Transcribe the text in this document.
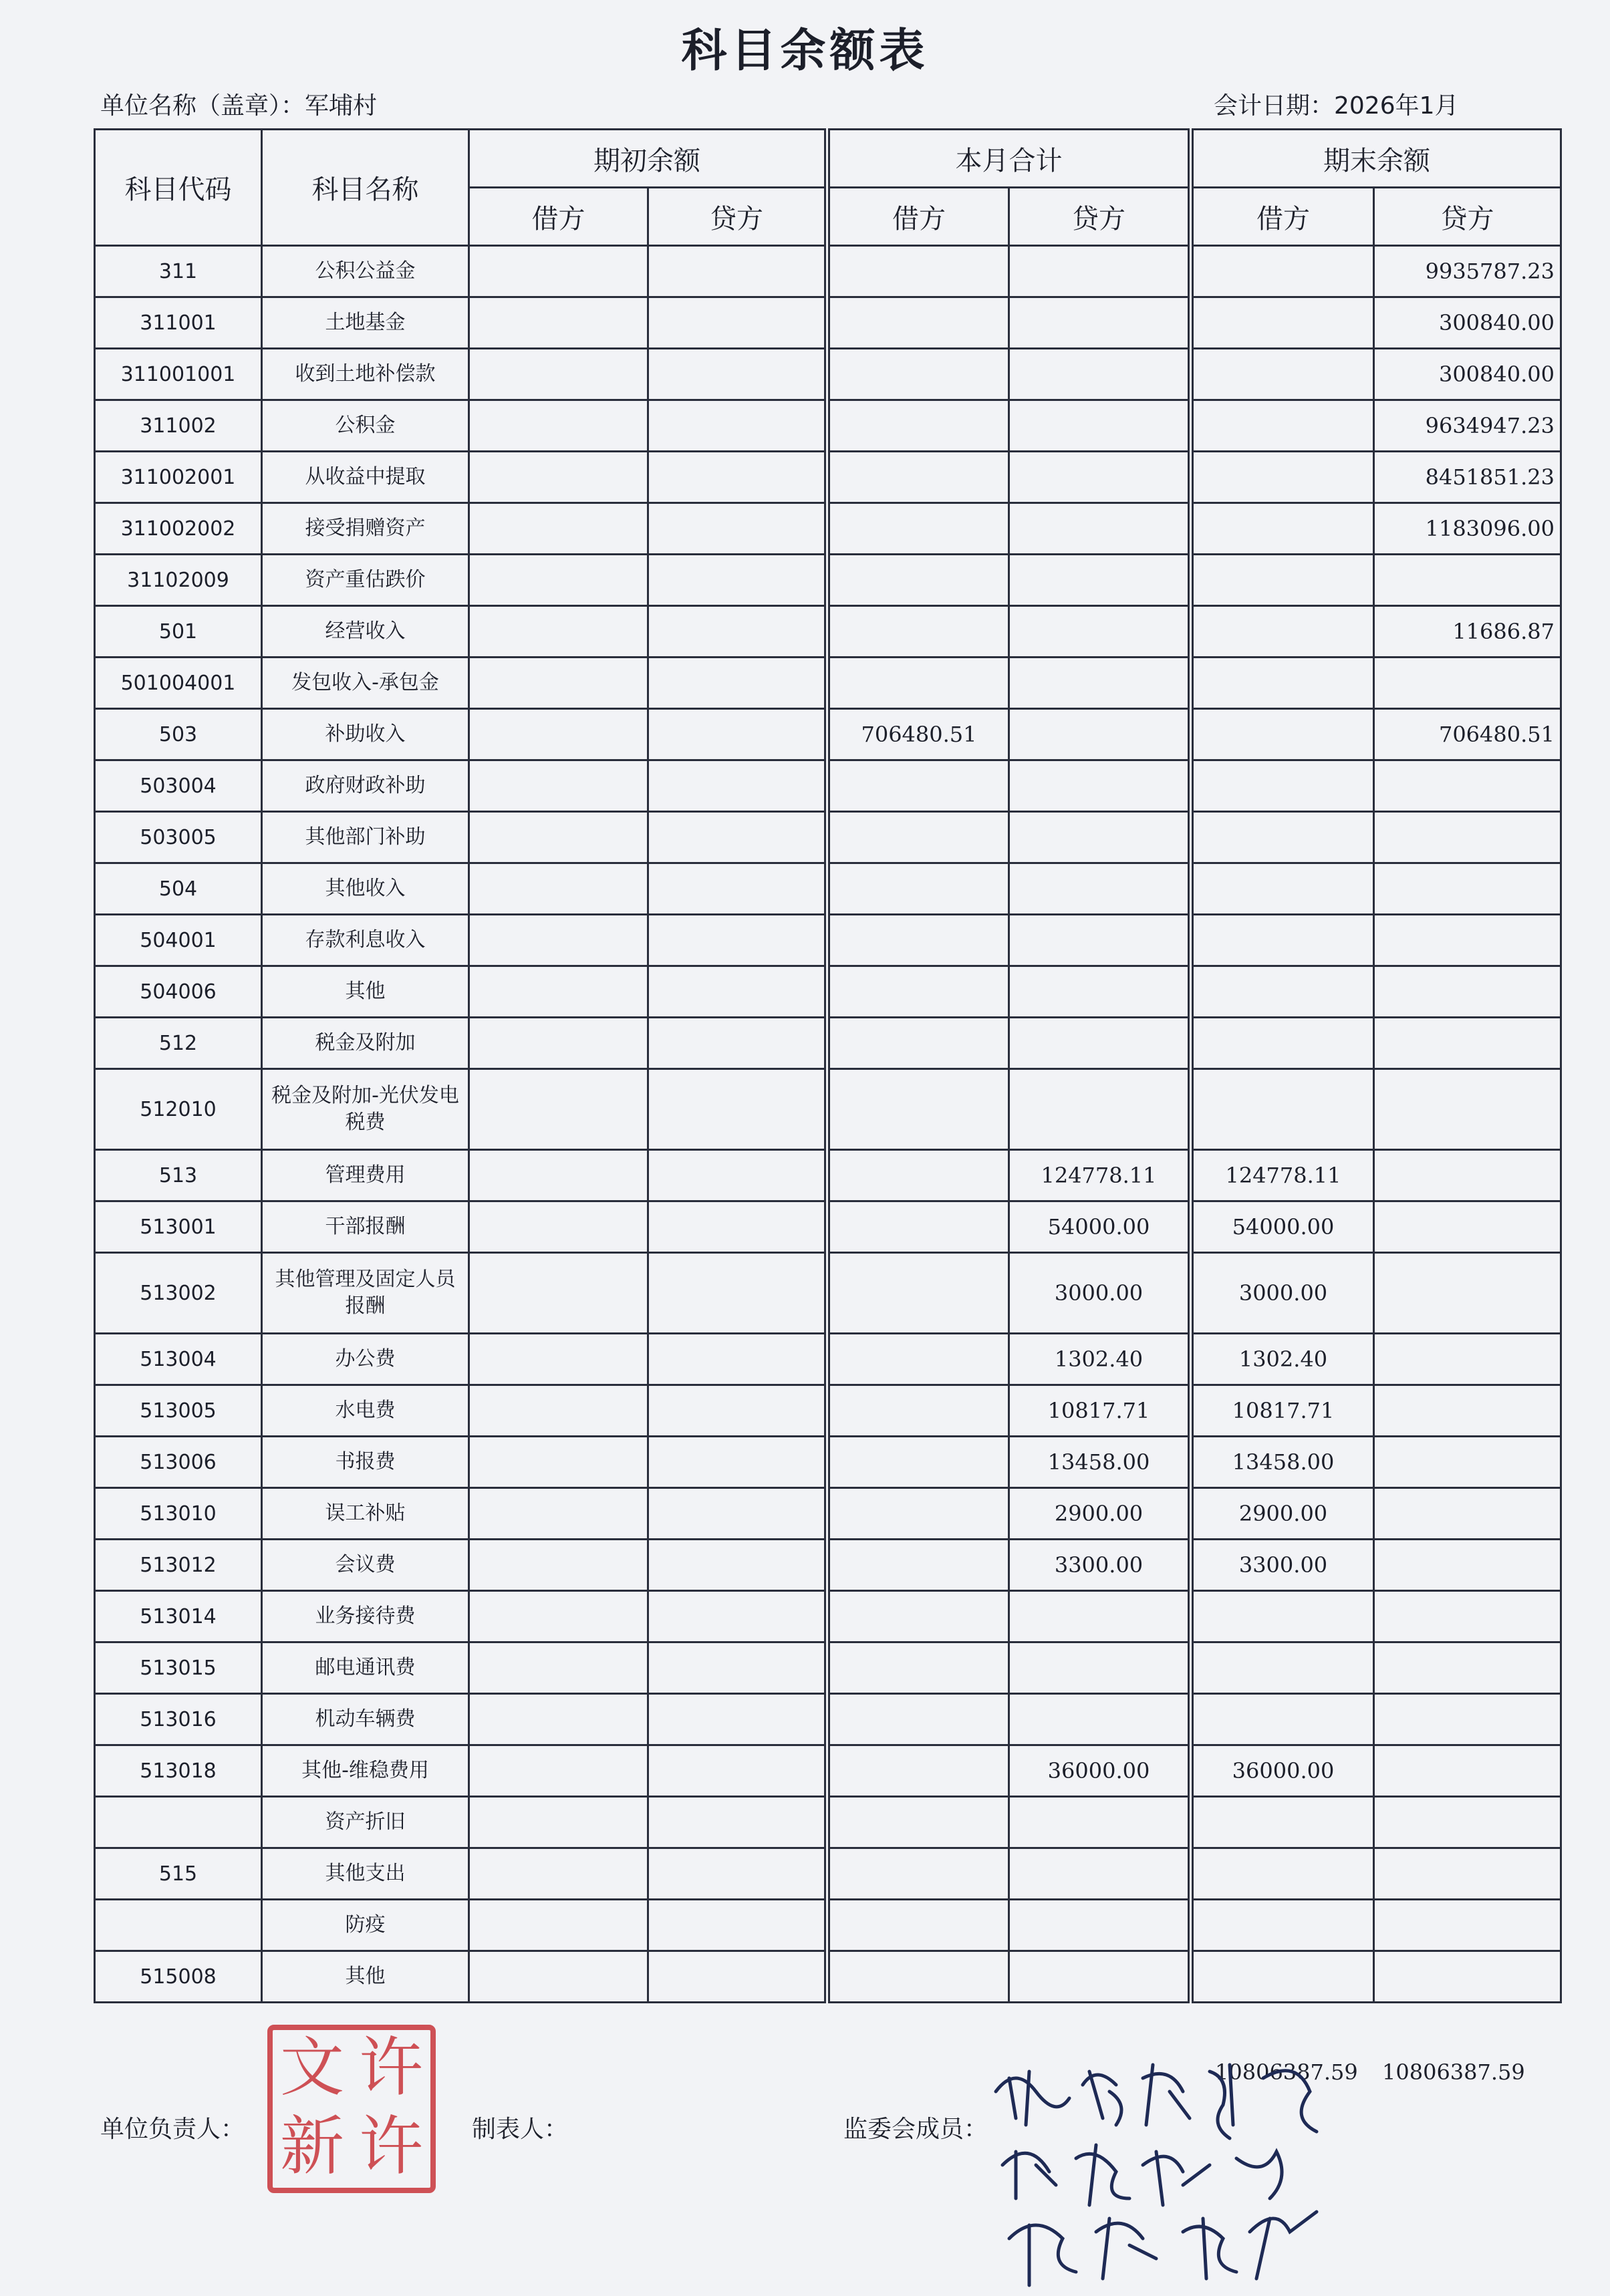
科目余额表
单位名称（盖章）：军埔村	会计日期：2026年1月
科目代码	科目名称	期初余额		本月合计		期末余额	
		借方	贷方	借方	贷方	借方	贷方
311	公积公益金						9935787.23
311001	土地基金						300840.00
311001001	收到土地补偿款						300840.00
311002	公积金						9634947.23
311002001	从收益中提取						8451851.23
311002002	接受捐赠资产						1183096.00
31102009	资产重估跌价						
501	经营收入						11686.87
501004001	发包收入-承包金						
503	补助收入			706480.51			706480.51
503004	政府财政补助						
503005	其他部门补助						
504	其他收入						
504001	存款利息收入						
504006	其他						
512	税金及附加						
512010	税金及附加-光伏发电税费						
513	管理费用				124778.11	124778.11	
513001	干部报酬				54000.00	54000.00	
513002	其他管理及固定人员报酬				3000.00	3000.00	
513004	办公费				1302.40	1302.40	
513005	水电费				10817.71	10817.71	
513006	书报费				13458.00	13458.00	
513010	误工补贴				2900.00	2900.00	
513012	会议费				3300.00	3300.00	
513014	业务接待费						
513015	邮电通讯费						
513016	机动车辆费						
513018	其他-维稳费用				36000.00	36000.00	
	资产折旧						
515	其他支出						
	防疫						
515008	其他						
10806387.59 10806387.59
单位负责人：	制表人：	监委会成员：
文 许
新 许
